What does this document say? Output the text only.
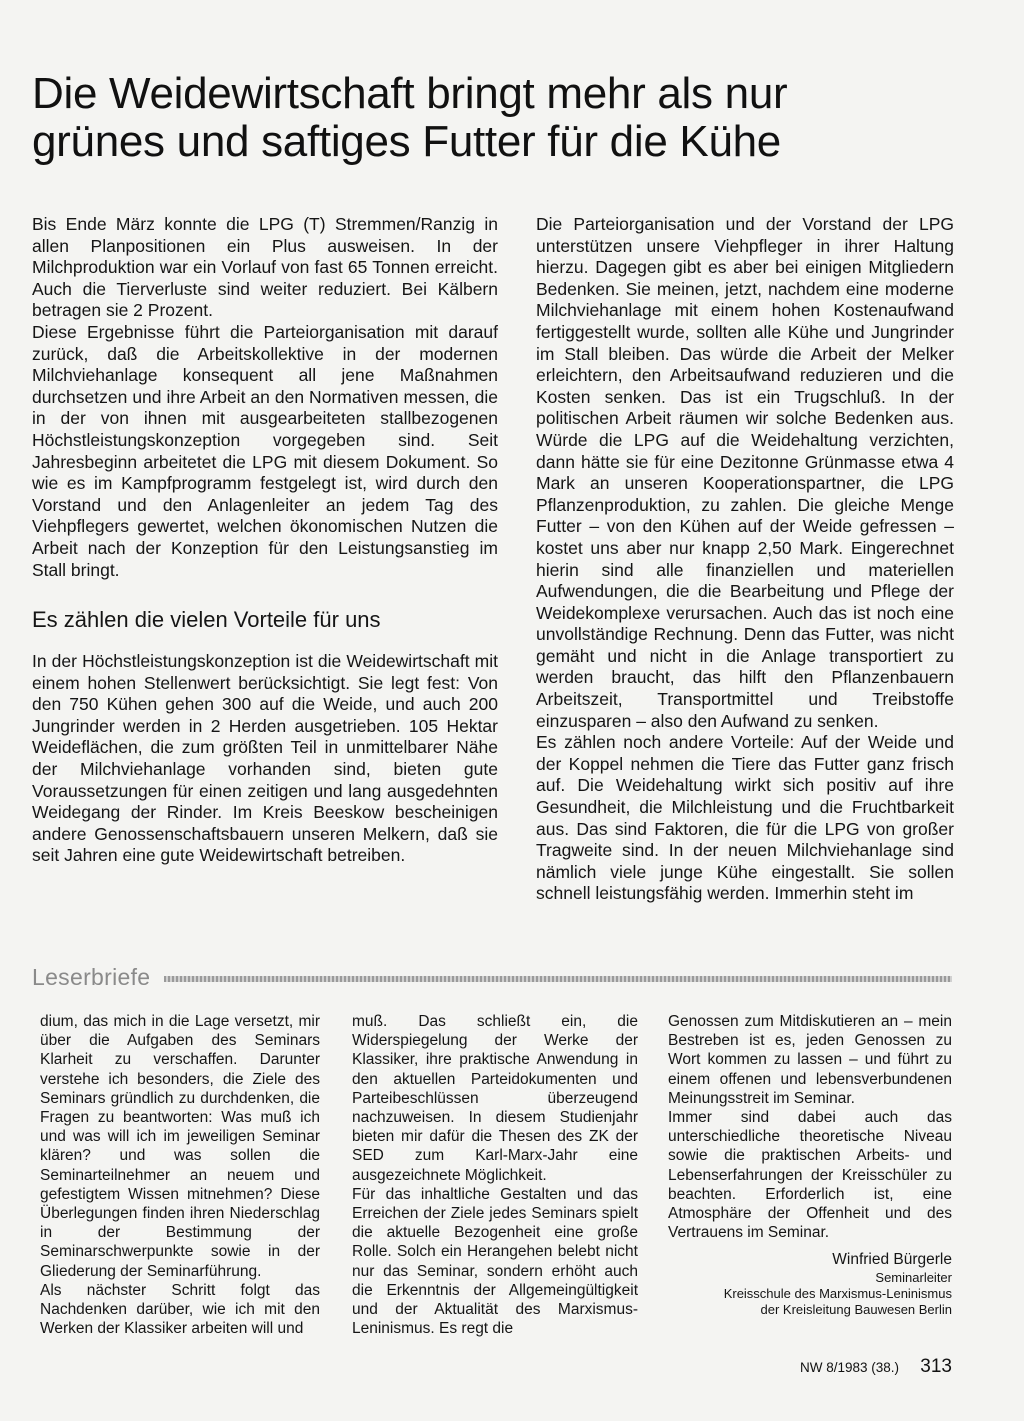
Die Weidewirtschaft bringt mehr als nur
grünes und saftiges Futter für die Kühe

Bis Ende März konnte die LPG (T) Stremmen/Ranzig in allen Planpositionen ein Plus ausweisen. In der Milchproduktion war ein Vorlauf von fast 65 Tonnen erreicht. Auch die Tierverluste sind weiter reduziert. Bei Kälbern betragen sie 2 Prozent.

Diese Ergebnisse führt die Parteiorganisation mit darauf zurück, daß die Arbeitskollektive in der modernen Milchviehanlage konsequent all jene Maßnahmen durchsetzen und ihre Arbeit an den Normativen messen, die in der von ihnen mit ausgearbeiteten stallbezogenen Höchstleistungskonzeption vorgegeben sind. Seit Jahresbeginn arbeitetet die LPG mit diesem Dokument. So wie es im Kampfprogramm festgelegt ist, wird durch den Vorstand und den Anlagenleiter an jedem Tag des Viehpflegers gewertet, welchen ökonomischen Nutzen die Arbeit nach der Konzeption für den Leistungsanstieg im Stall bringt.

Es zählen die vielen Vorteile für uns

In der Höchstleistungskonzeption ist die Weidewirtschaft mit einem hohen Stellenwert berücksichtigt. Sie legt fest: Von den 750 Kühen gehen 300 auf die Weide, und auch 200 Jungrinder werden in 2 Herden ausgetrieben. 105 Hektar Weideflächen, die zum größten Teil in unmittelbarer Nähe der Milchviehanlage vorhanden sind, bieten gute Voraussetzungen für einen zeitigen und lang ausgedehnten Weidegang der Rinder. Im Kreis Beeskow bescheinigen andere Genossenschaftsbauern unseren Melkern, daß sie seit Jahren eine gute Weidewirtschaft betreiben.

Die Parteiorganisation und der Vorstand der LPG unterstützen unsere Viehpfleger in ihrer Haltung hierzu. Dagegen gibt es aber bei einigen Mitgliedern Bedenken. Sie meinen, jetzt, nachdem eine moderne Milchviehanlage mit einem hohen Kostenaufwand fertiggestellt wurde, sollten alle Kühe und Jungrinder im Stall bleiben. Das würde die Arbeit der Melker erleichtern, den Arbeitsaufwand reduzieren und die Kosten senken. Das ist ein Trugschluß. In der politischen Arbeit räumen wir solche Bedenken aus. Würde die LPG auf die Weidehaltung verzichten, dann hätte sie für eine Dezitonne Grünmasse etwa 4 Mark an unseren Kooperationspartner, die LPG Pflanzenproduktion, zu zahlen. Die gleiche Menge Futter – von den Kühen auf der Weide gefressen – kostet uns aber nur knapp 2,50 Mark. Eingerechnet hierin sind alle finanziellen und materiellen Aufwendungen, die die Bearbeitung und Pflege der Weidekomplexe verursachen. Auch das ist noch eine unvollständige Rechnung. Denn das Futter, was nicht gemäht und nicht in die Anlage transportiert zu werden braucht, das hilft den Pflanzenbauern Arbeitszeit, Transportmittel und Treibstoffe einzusparen – also den Aufwand zu senken.

Es zählen noch andere Vorteile: Auf der Weide und der Koppel nehmen die Tiere das Futter ganz frisch auf. Die Weidehaltung wirkt sich positiv auf ihre Gesundheit, die Milchleistung und die Fruchtbarkeit aus. Das sind Faktoren, die für die LPG von großer Tragweite sind. In der neuen Milchviehanlage sind nämlich viele junge Kühe eingestallt. Sie sollen schnell leistungsfähig werden. Immerhin steht im

Leserbriefe

dium, das mich in die Lage versetzt, mir über die Aufgaben des Seminars Klarheit zu verschaffen. Darunter verstehe ich besonders, die Ziele des Seminars gründlich zu durchdenken, die Fragen zu beantworten: Was muß ich und was will ich im jeweiligen Seminar klären? und was sollen die Seminarteilnehmer an neuem und gefestigtem Wissen mitnehmen? Diese Überlegungen finden ihren Niederschlag in der Bestimmung der Seminarschwerpunkte sowie in der Gliederung der Seminarführung.

Als nächster Schritt folgt das Nachdenken darüber, wie ich mit den Werken der Klassiker arbeiten will und

muß. Das schließt ein, die Widerspiegelung der Werke der Klassiker, ihre praktische Anwendung in den aktuellen Parteidokumenten und Parteibeschlüssen überzeugend nachzuweisen. In diesem Studienjahr bieten mir dafür die Thesen des ZK der SED zum Karl-Marx-Jahr eine ausgezeichnete Möglichkeit.

Für das inhaltliche Gestalten und das Erreichen der Ziele jedes Seminars spielt die aktuelle Bezogenheit eine große Rolle. Solch ein Herangehen belebt nicht nur das Seminar, sondern erhöht auch die Erkenntnis der Allgemeingültigkeit und der Aktualität des Marxismus-Leninismus. Es regt die

Genossen zum Mitdiskutieren an – mein Bestreben ist es, jeden Genossen zu Wort kommen zu lassen – und führt zu einem offenen und lebensverbundenen Meinungsstreit im Seminar.

Immer sind dabei auch das unterschiedliche theoretische Niveau sowie die praktischen Arbeits- und Lebenserfahrungen der Kreisschüler zu beachten. Erforderlich ist, eine Atmosphäre der Offenheit und des Vertrauens im Seminar.

Winfried Bürgerle
Seminarleiter
Kreisschule des Marxismus-Leninismus
der Kreisleitung Bauwesen Berlin
NW 8/1983 (38.) 313
